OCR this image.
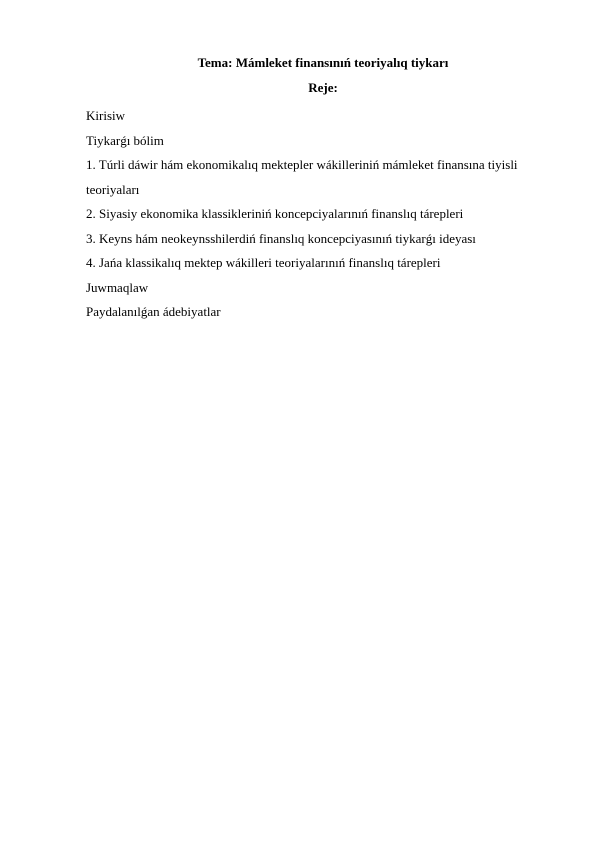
Tema: Mámleket finansınıń teoriyalıq tiykarı
Reje:
Kirisiw
Tiykarǵı bólim
1. Túrli dáwir hám ekonomikalıq mektepler wákilleriniń mámleket finansına tiyisli
teoriyaları
2. Siyasiy ekonomika klassikleriniń koncepciyalarınıń finanslıq tárepleri
3. Keyns hám neokeynsshilerdiń finanslıq koncepciyasınıń tiykarǵı ideyası
4. Jańa klassikalıq mektep wákilleri teoriyalarınıń finanslıq tárepleri
Juwmaqlaw
Paydalanılǵan ádebiyatlar
